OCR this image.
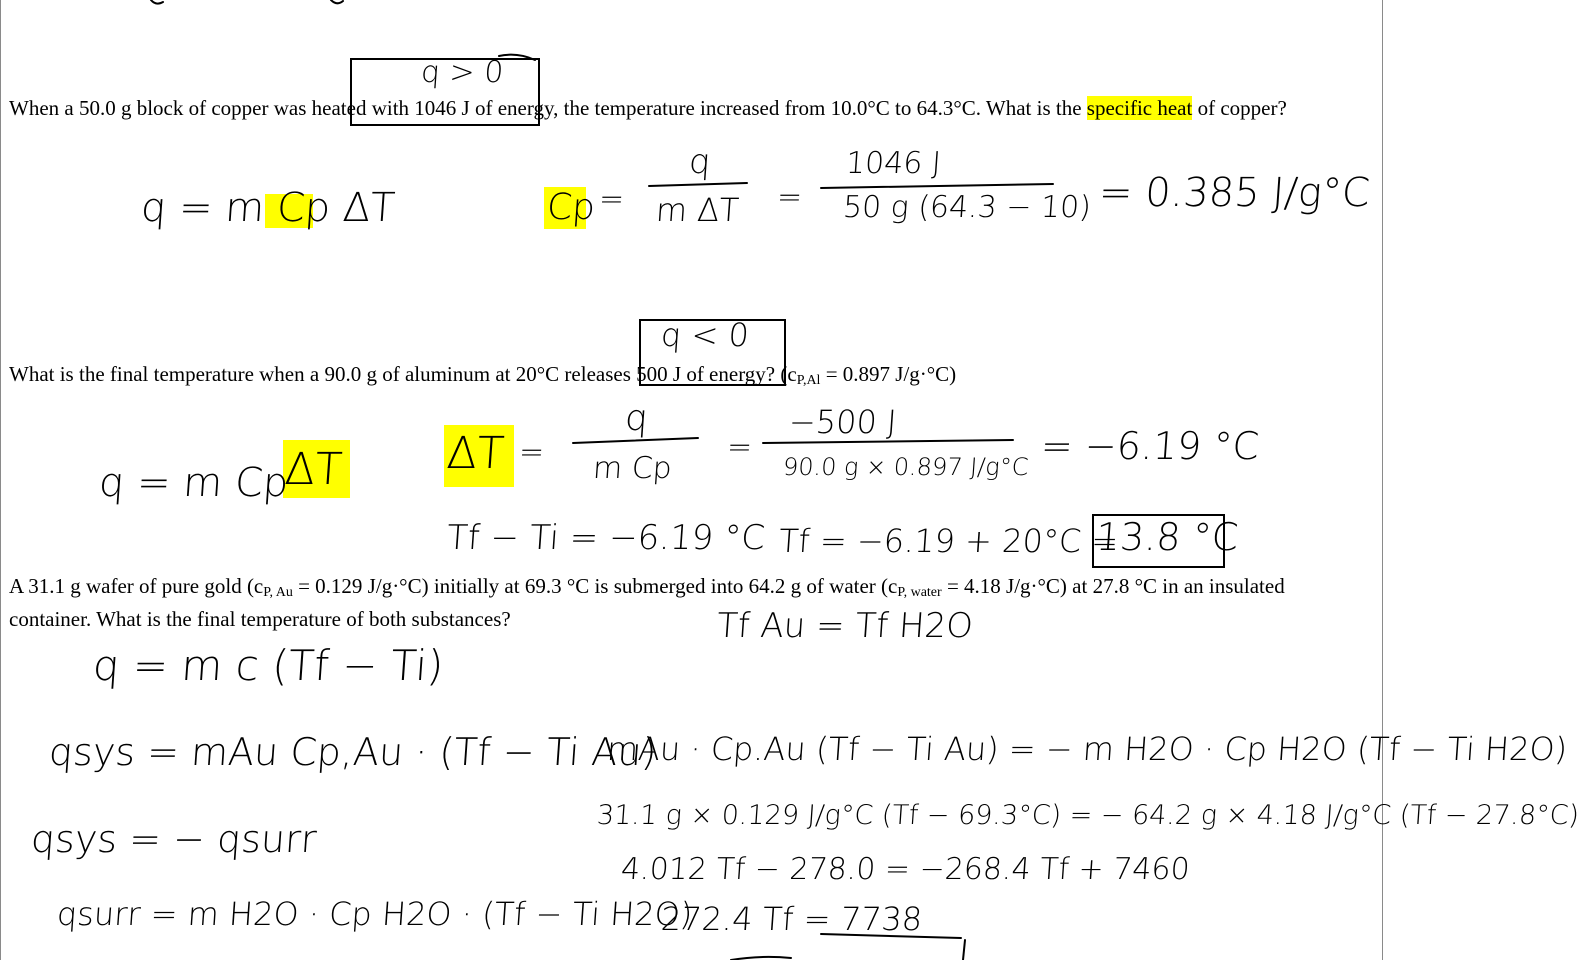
When a 50.0 g block of copper was heated with 1046 J of energy, the temperature increased from 10.0°C to 64.3°C. What is the specific heat of copper?
What is the final temperature when a 90.0 g of aluminum at 20°C releases 500 J of energy? ($c_{P,Al} = 0.897$ J/g·°C)
A 31.1 g wafer of pure gold ($c_{P, Au} = 0.129$ J/g·°C) initially at 69.3 °C is submerged into 64.2 g of water ($c_{P, water} = 4.18$ J/g·°C) at 27.8 °C in an insulated container. What is the final temperature of both substances?
q > 0
q = m Cp ΔT	Cp =
q
m ΔT =
1046 J
50 g (64.3 − 10) = 0.385 J/g°C
q < 0
q = m Cp
ΔT ΔT =
q
m Cp
=
−500 J
90.0 g × 0.897 J/g°C = −6.19 °C
Tf − Ti = −6.19 °C Tf = −6.19 + 20°C =
13.8 °C
Tf Au = Tf H2O
q = m c (Tf − Ti)
qsys = mAu Cp,Au · (Tf − Ti Au)
qsys = − qsurr
qsurr = m H2O · Cp H2O · (Tf − Ti H2O)
mAu · Cp.Au (Tf − Ti Au) = − m H2O · Cp H2O (Tf − Ti H2O)
31.1 g × 0.129 J/g°C (Tf − 69.3°C) = − 64.2 g × 4.18 J/g°C (Tf − 27.8°C)
4.012 Tf − 278.0 = −268.4 Tf + 7460
272.4 Tf = 7738
